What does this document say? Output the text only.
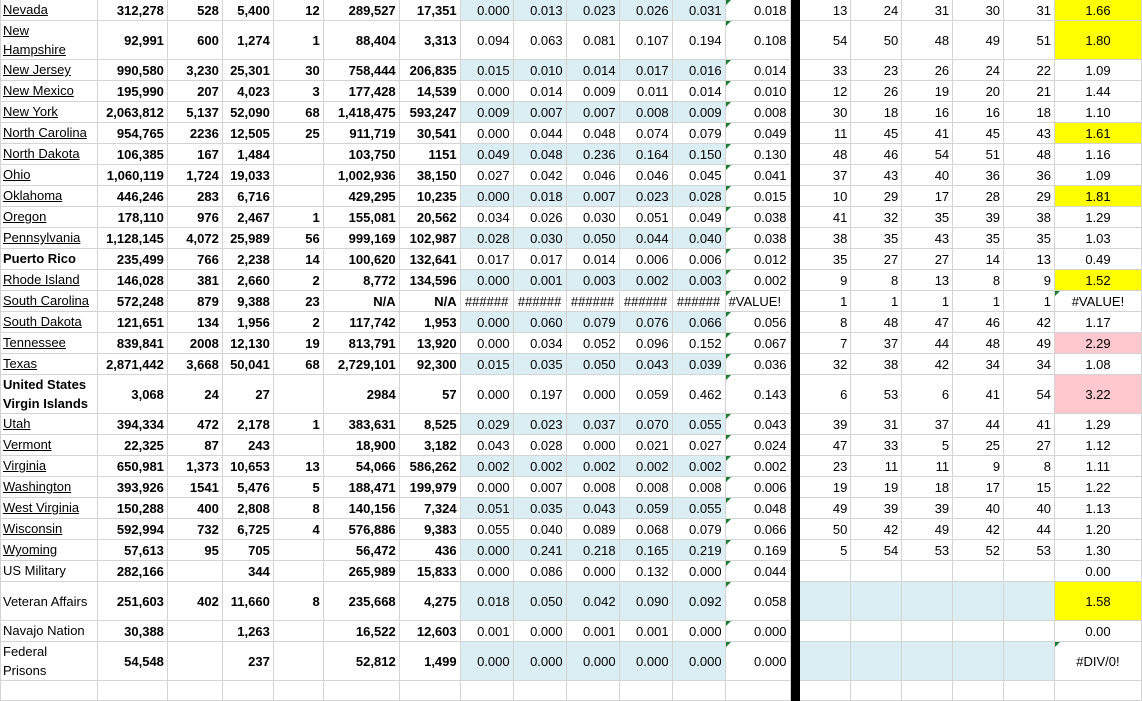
Nevada	312,278	528	5,400	12	289,527	17,351	0.000	0.013	0.023	0.026	0.031	0.018		13	24	31	30	31	1.66
New Hampshire	92,991	600	1,274	1	88,404	3,313	0.094	0.063	0.081	0.107	0.194	0.108		54	50	48	49	51	1.80
New Jersey	990,580	3,230	25,301	30	758,444	206,835	0.015	0.010	0.014	0.017	0.016	0.014		33	23	26	24	22	1.09
New Mexico	195,990	207	4,023	3	177,428	14,539	0.000	0.014	0.009	0.011	0.014	0.010		12	26	19	20	21	1.44
New York	2,063,812	5,137	52,090	68	1,418,475	593,247	0.009	0.007	0.007	0.008	0.009	0.008		30	18	16	16	18	1.10
North Carolina	954,765	2236	12,505	25	911,719	30,541	0.000	0.044	0.048	0.074	0.079	0.049		11	45	41	45	43	1.61
North Dakota	106,385	167	1,484		103,750	1151	0.049	0.048	0.236	0.164	0.150	0.130		48	46	54	51	48	1.16
Ohio	1,060,119	1,724	19,033		1,002,936	38,150	0.027	0.042	0.046	0.046	0.045	0.041		37	43	40	36	36	1.09
Oklahoma	446,246	283	6,716		429,295	10,235	0.000	0.018	0.007	0.023	0.028	0.015		10	29	17	28	29	1.81
Oregon	178,110	976	2,467	1	155,081	20,562	0.034	0.026	0.030	0.051	0.049	0.038		41	32	35	39	38	1.29
Pennsylvania	1,128,145	4,072	25,989	56	999,169	102,987	0.028	0.030	0.050	0.044	0.040	0.038		38	35	43	35	35	1.03
Puerto Rico	235,499	766	2,238	14	100,620	132,641	0.017	0.017	0.014	0.006	0.006	0.012		35	27	27	14	13	0.49
Rhode Island	146,028	381	2,660	2	8,772	134,596	0.000	0.001	0.003	0.002	0.003	0.002		9	8	13	8	9	1.52
South Carolina	572,248	879	9,388	23	N/A	N/A	######	######	######	######	######	#VALUE!		1	1	1	1	1	#VALUE!
South Dakota	121,651	134	1,956	2	117,742	1,953	0.000	0.060	0.079	0.076	0.066	0.056		8	48	47	46	42	1.17
Tennessee	839,841	2008	12,130	19	813,791	13,920	0.000	0.034	0.052	0.096	0.152	0.067		7	37	44	48	49	2.29
Texas	2,871,442	3,668	50,041	68	2,729,101	92,300	0.015	0.035	0.050	0.043	0.039	0.036		32	38	42	34	34	1.08
United States Virgin Islands	3,068	24	27		2984	57	0.000	0.197	0.000	0.059	0.462	0.143		6	53	6	41	54	3.22
Utah	394,334	472	2,178	1	383,631	8,525	0.029	0.023	0.037	0.070	0.055	0.043		39	31	37	44	41	1.29
Vermont	22,325	87	243		18,900	3,182	0.043	0.028	0.000	0.021	0.027	0.024		47	33	5	25	27	1.12
Virginia	650,981	1,373	10,653	13	54,066	586,262	0.002	0.002	0.002	0.002	0.002	0.002		23	11	11	9	8	1.11
Washington	393,926	1541	5,476	5	188,471	199,979	0.000	0.007	0.008	0.008	0.008	0.006		19	19	18	17	15	1.22
West Virginia	150,288	400	2,808	8	140,156	7,324	0.051	0.035	0.043	0.059	0.055	0.048		49	39	39	40	40	1.13
Wisconsin	592,994	732	6,725	4	576,886	9,383	0.055	0.040	0.089	0.068	0.079	0.066		50	42	49	42	44	1.20
Wyoming	57,613	95	705		56,472	436	0.000	0.241	0.218	0.165	0.219	0.169		5	54	53	52	53	1.30
US Military	282,166		344		265,989	15,833	0.000	0.086	0.000	0.132	0.000	0.044							0.00
Veteran Affairs	251,603	402	11,660	8	235,668	4,275	0.018	0.050	0.042	0.090	0.092	0.058							1.58
Navajo Nation	30,388		1,263		16,522	12,603	0.001	0.000	0.001	0.001	0.000	0.000							0.00
Federal Prisons	54,548		237		52,812	1,499	0.000	0.000	0.000	0.000	0.000	0.000							#DIV/0!
